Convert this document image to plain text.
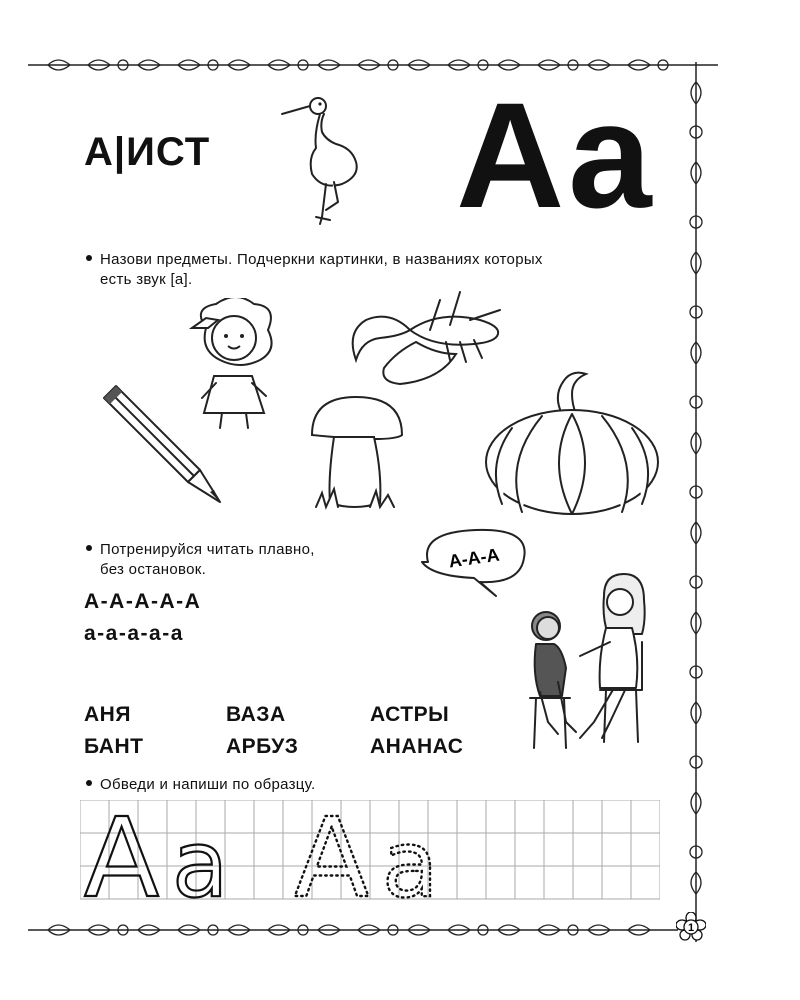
1
А|ИСТ Аа
Назови предметы. Подчеркни картинки, в названиях которых
есть звук [а].
Потренируйся читать плавно,
без остановок.
А-А-А-А-А
а-а-а-а-а
А-А-А
АНЯ
БАНТ
ВАЗА
АРБУЗ
АСТРЫ
АНАНАС
Обведи и напиши по образцу.
А а А а
